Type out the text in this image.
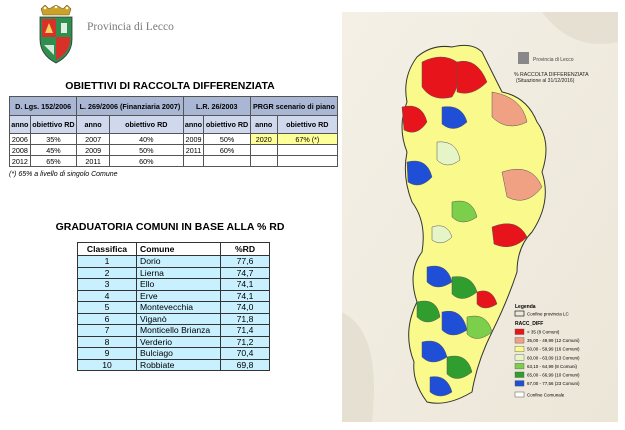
Provincia di Lecco
OBIETTIVI DI RACCOLTA DIFFERENZIATA
D. Lgs. 152/2006		L. 269/2006 (Finanziaria 2007)		L.R. 26/2003		PRGR scenario di piano	
anno	obiettivo RD	anno	obiettivo RD	anno	obiettivo RD	anno	obiettivo RD
2006	35%	2007	40%	2009	50%	2020	67% (*)
2008	45%	2009	50%	2011	60%		
2012	65%	2011	60%				
(*) 65% a livello di singolo Comune
GRADUATORIA COMUNI IN BASE ALLA % RD
Classifica	Comune	%RD
1	Dorio	77,6
2	Lierna	74,7
3	Ello	74,1
4	Erve	74,1
5	Montevecchia	74,0
6	Viganò	71,8
7	Monticello Brianza	71,4
8	Verderio	71,2
9	Bulciago	70,4
10	Robbiate	69,8
Provincia di Lecco
% RACCOLTA DIFFERENZIATA
(Situazione al 31/12/2016)
Legenda
Confine provincia LC
RACC_DIFF
< 35 (8 Comuni)
35,00 - 49,99 (12 Comuni)
50,00 - 59,99 (16 Comuni)
60,00 - 63,09 (13 Comuni)
63,10 - 64,99 (8 Comuni)
65,00 - 66,99 (10 Comuni)
67,00 - 77,56 (23 Comuni)
Confine Comunale
